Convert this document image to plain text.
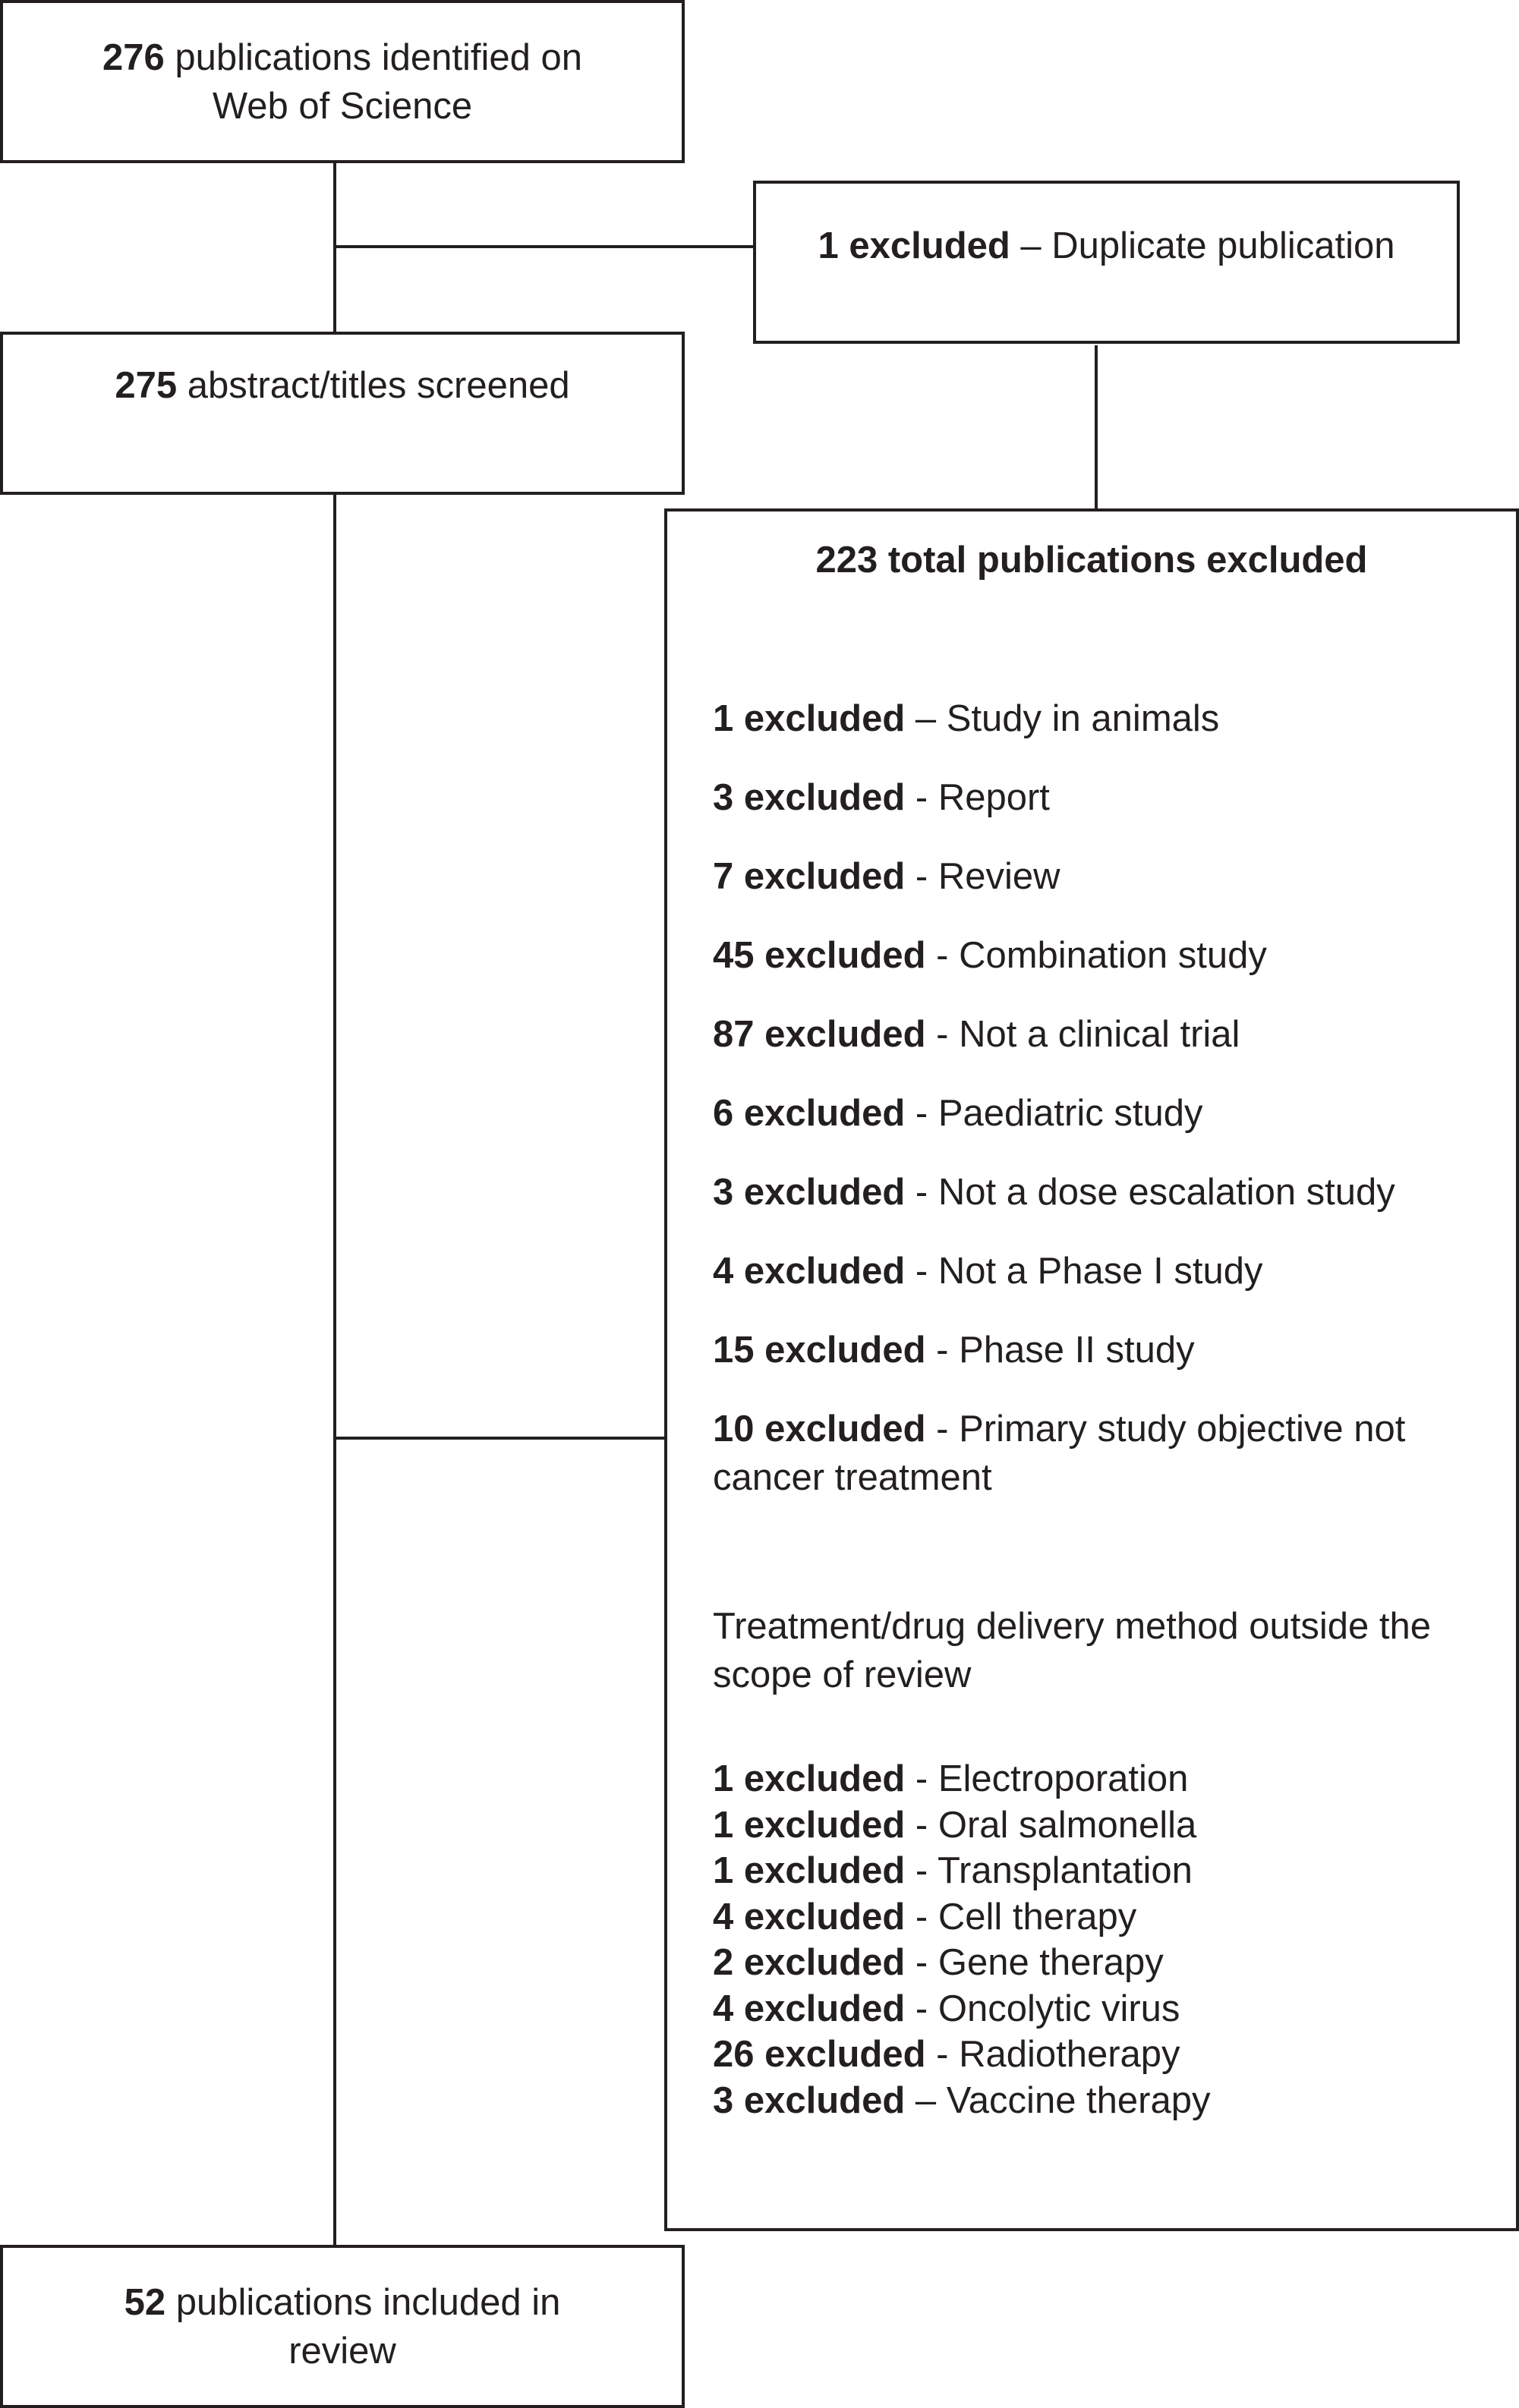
276 publications identified on
Web of Science
1 excluded – Duplicate publication
275 abstract/titles screened
223 total publications excluded
1 excluded – Study in animals
3 excluded - Report
7 excluded - Review
45 excluded - Combination study
87 excluded - Not a clinical trial
6 excluded - Paediatric study
3 excluded - Not a dose escalation study
4 excluded - Not a Phase I study
15 excluded - Phase II study
10 excluded - Primary study objective not cancer treatment
Treatment/drug delivery method outside the scope of review
1 excluded - Electroporation
1 excluded - Oral salmonella
1 excluded - Transplantation
4 excluded - Cell therapy
2 excluded - Gene therapy
4 excluded - Oncolytic virus
26 excluded - Radiotherapy
3 excluded – Vaccine therapy
52 publications included in
review
